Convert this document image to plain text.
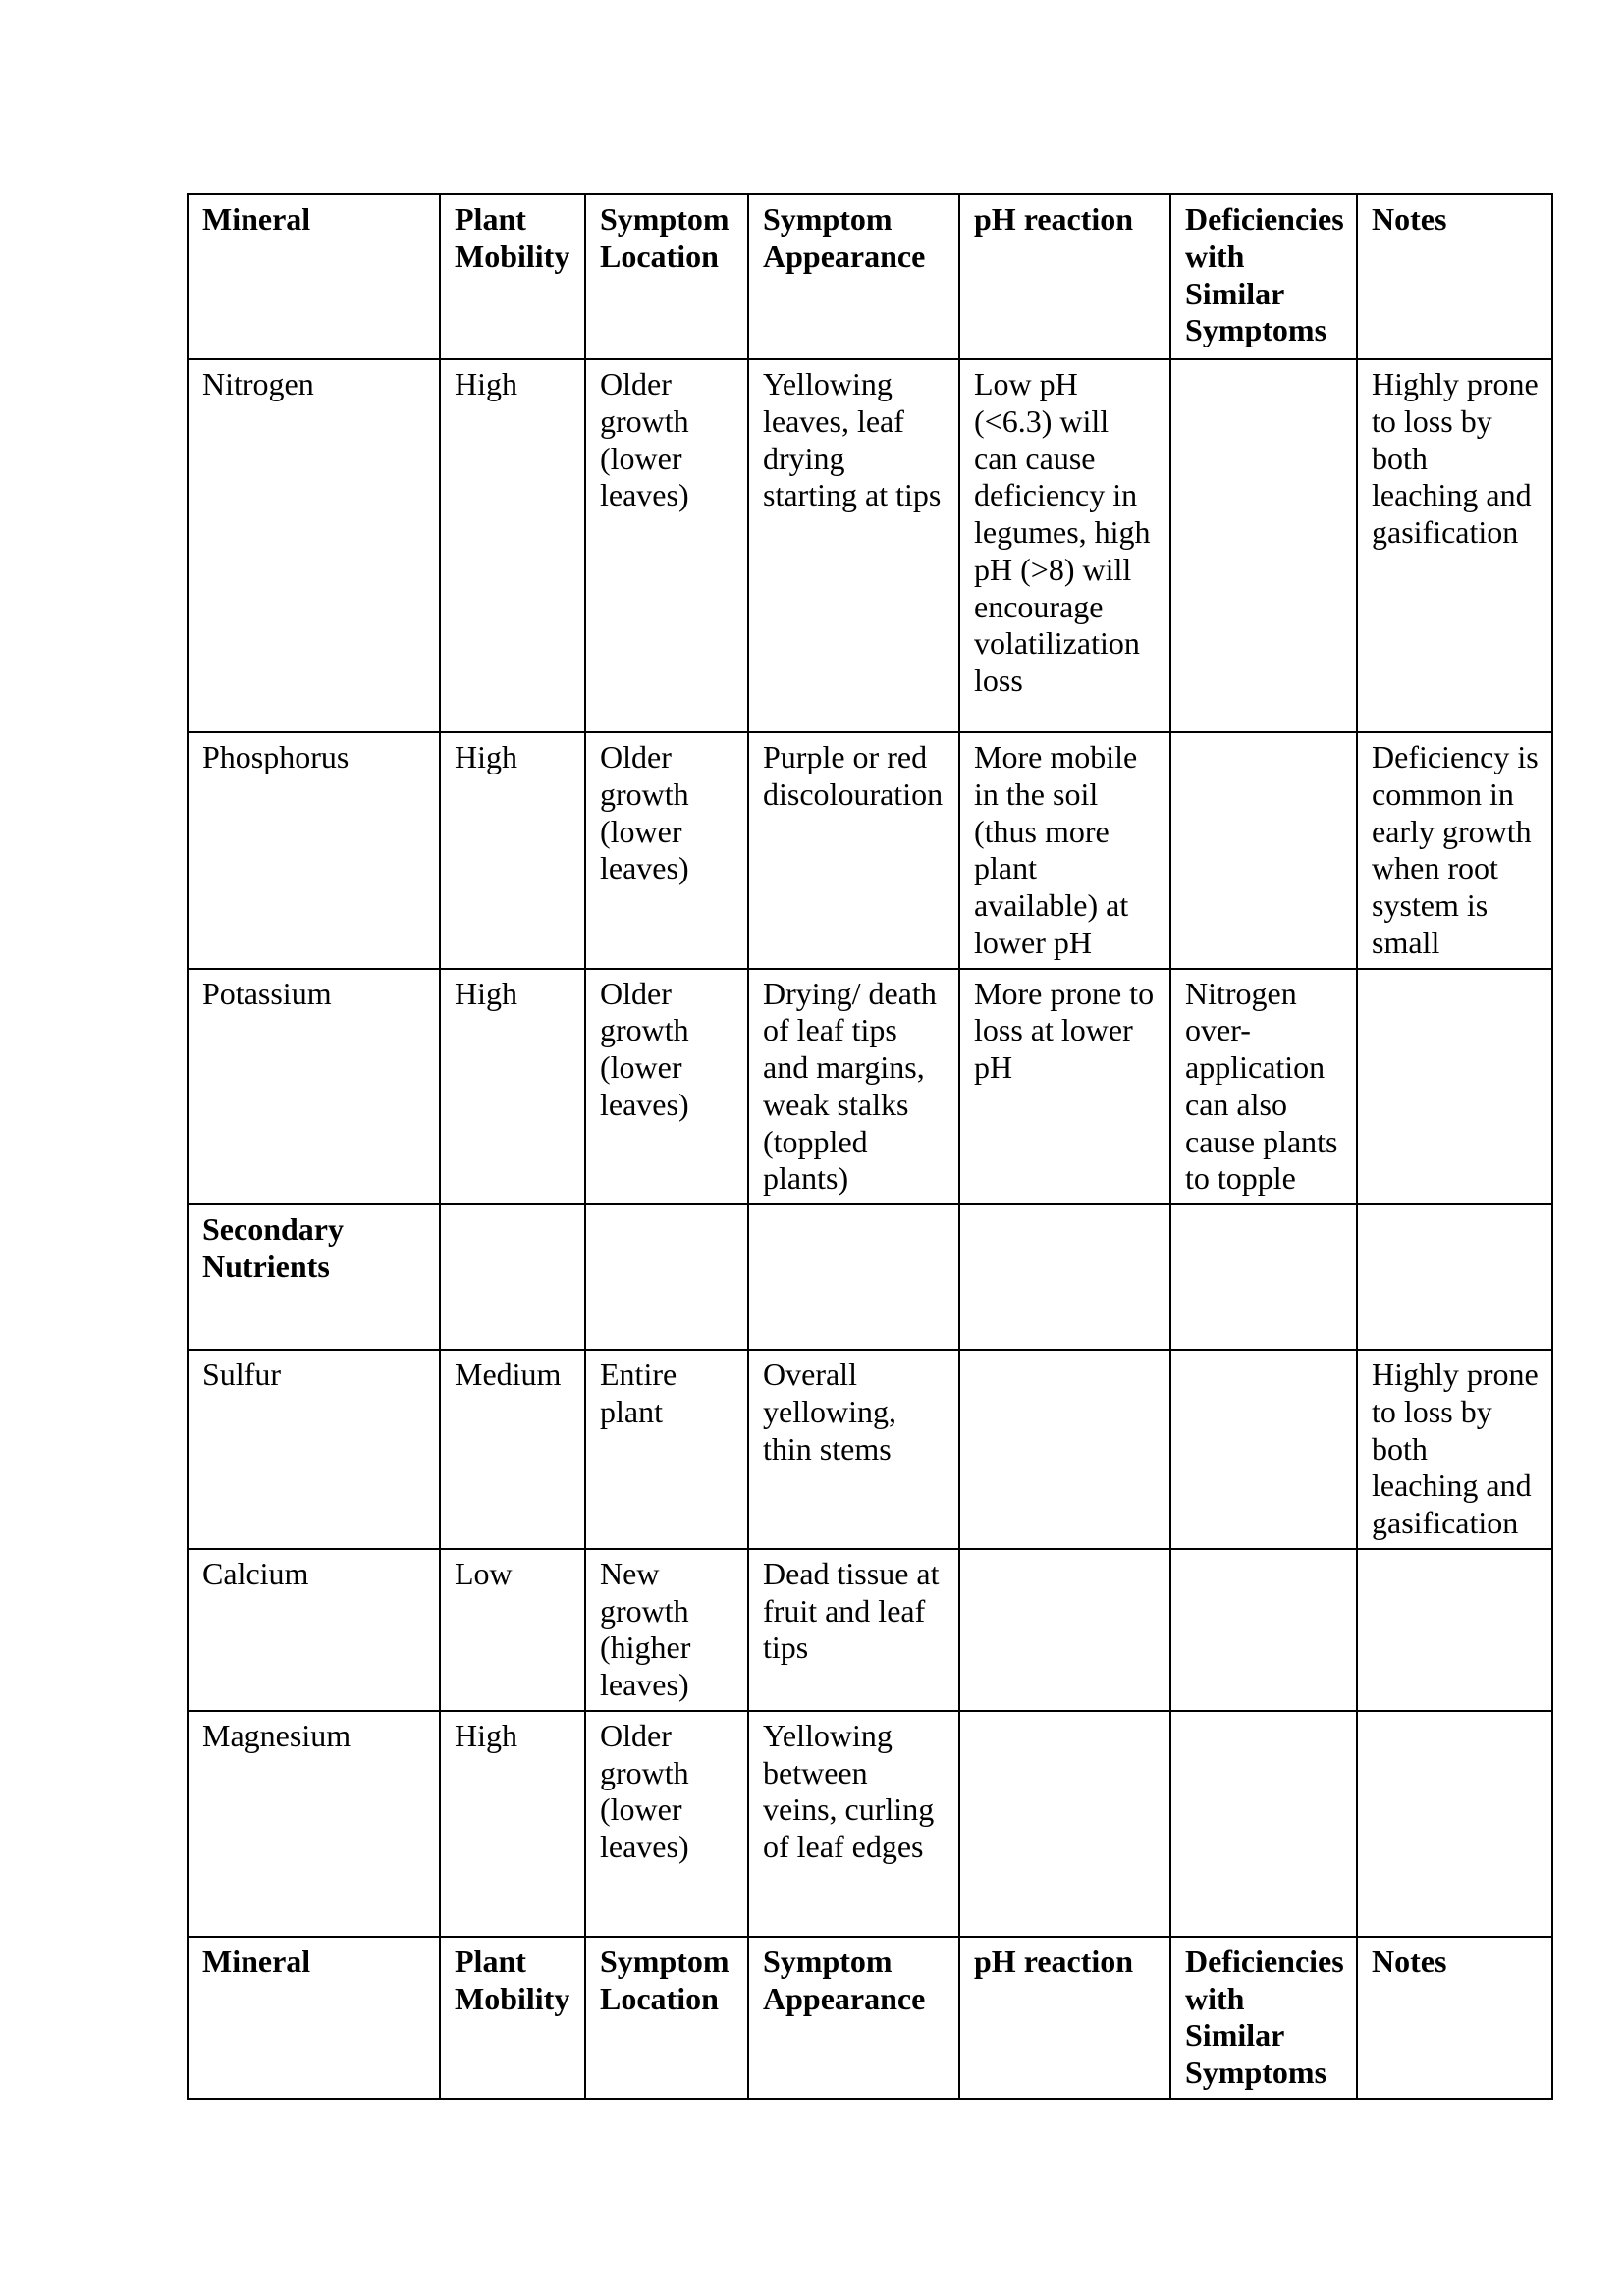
Mineral	Plant Mobility	Symptom Location	Symptom Appearance	pH reaction	Deficiencies with Similar Symptoms	Notes
Nitrogen	High	Older growth (lower leaves)	Yellowing leaves, leaf drying starting at tips	Low pH (<6.3) will can cause deficiency in legumes, high pH (>8) will encourage volatilization loss		Highly prone to loss by both leaching and gasification
Phosphorus	High	Older growth (lower leaves)	Purple or red discolouration	More mobile in the soil (thus more plant available) at lower pH		Deficiency is common in early growth when root system is small
Potassium	High	Older growth (lower leaves)	Drying/ death of leaf tips and margins, weak stalks (toppled plants)	More prone to loss at lower pH	Nitrogen over-application can also cause plants to topple	
Secondary Nutrients						
Sulfur	Medium	Entire plant	Overall yellowing, thin stems			Highly prone to loss by both leaching and gasification
Calcium	Low	New growth (higher leaves)	Dead tissue at fruit and leaf tips			
Magnesium	High	Older growth (lower leaves)	Yellowing between veins, curling of leaf edges			
Mineral	Plant Mobility	Symptom Location	Symptom Appearance	pH reaction	Deficiencies with Similar Symptoms	Notes
